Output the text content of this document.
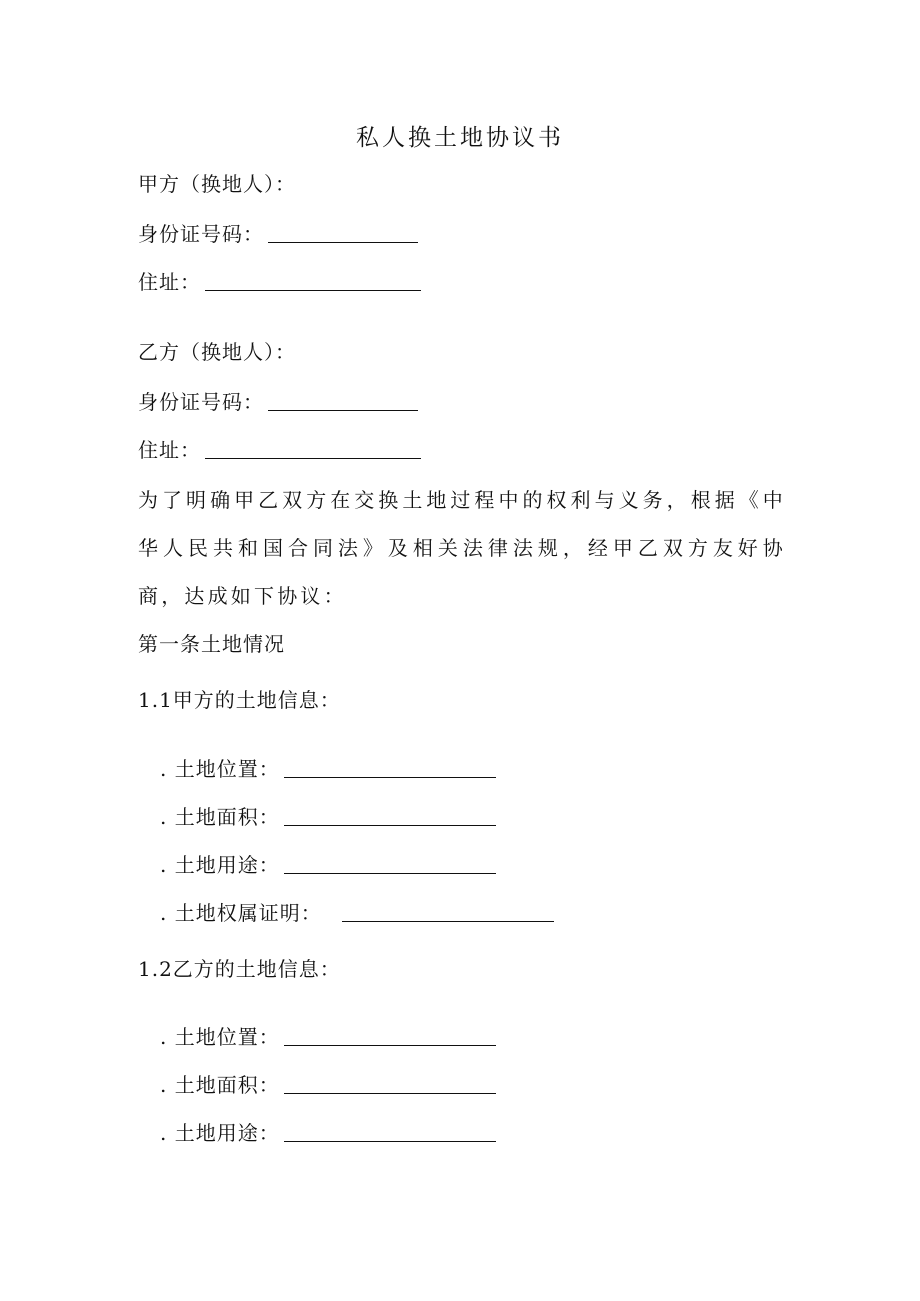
私人换土地协议书
甲方（换地人）：
身份证号码：
住址：
乙方（换地人）：
身份证号码：
住址：
为了明确甲乙双方在交换土地过程中的权利与义务，根据《中华人民共和国合同法》及相关法律法规，经甲乙双方友好协商，达成如下协议：
第一条土地情况
1.1甲方的土地信息：
. 土地位置：
. 土地面积：
. 土地用途：
. 土地权属证明：
1.2乙方的土地信息：
. 土地位置：
. 土地面积：
. 土地用途：
